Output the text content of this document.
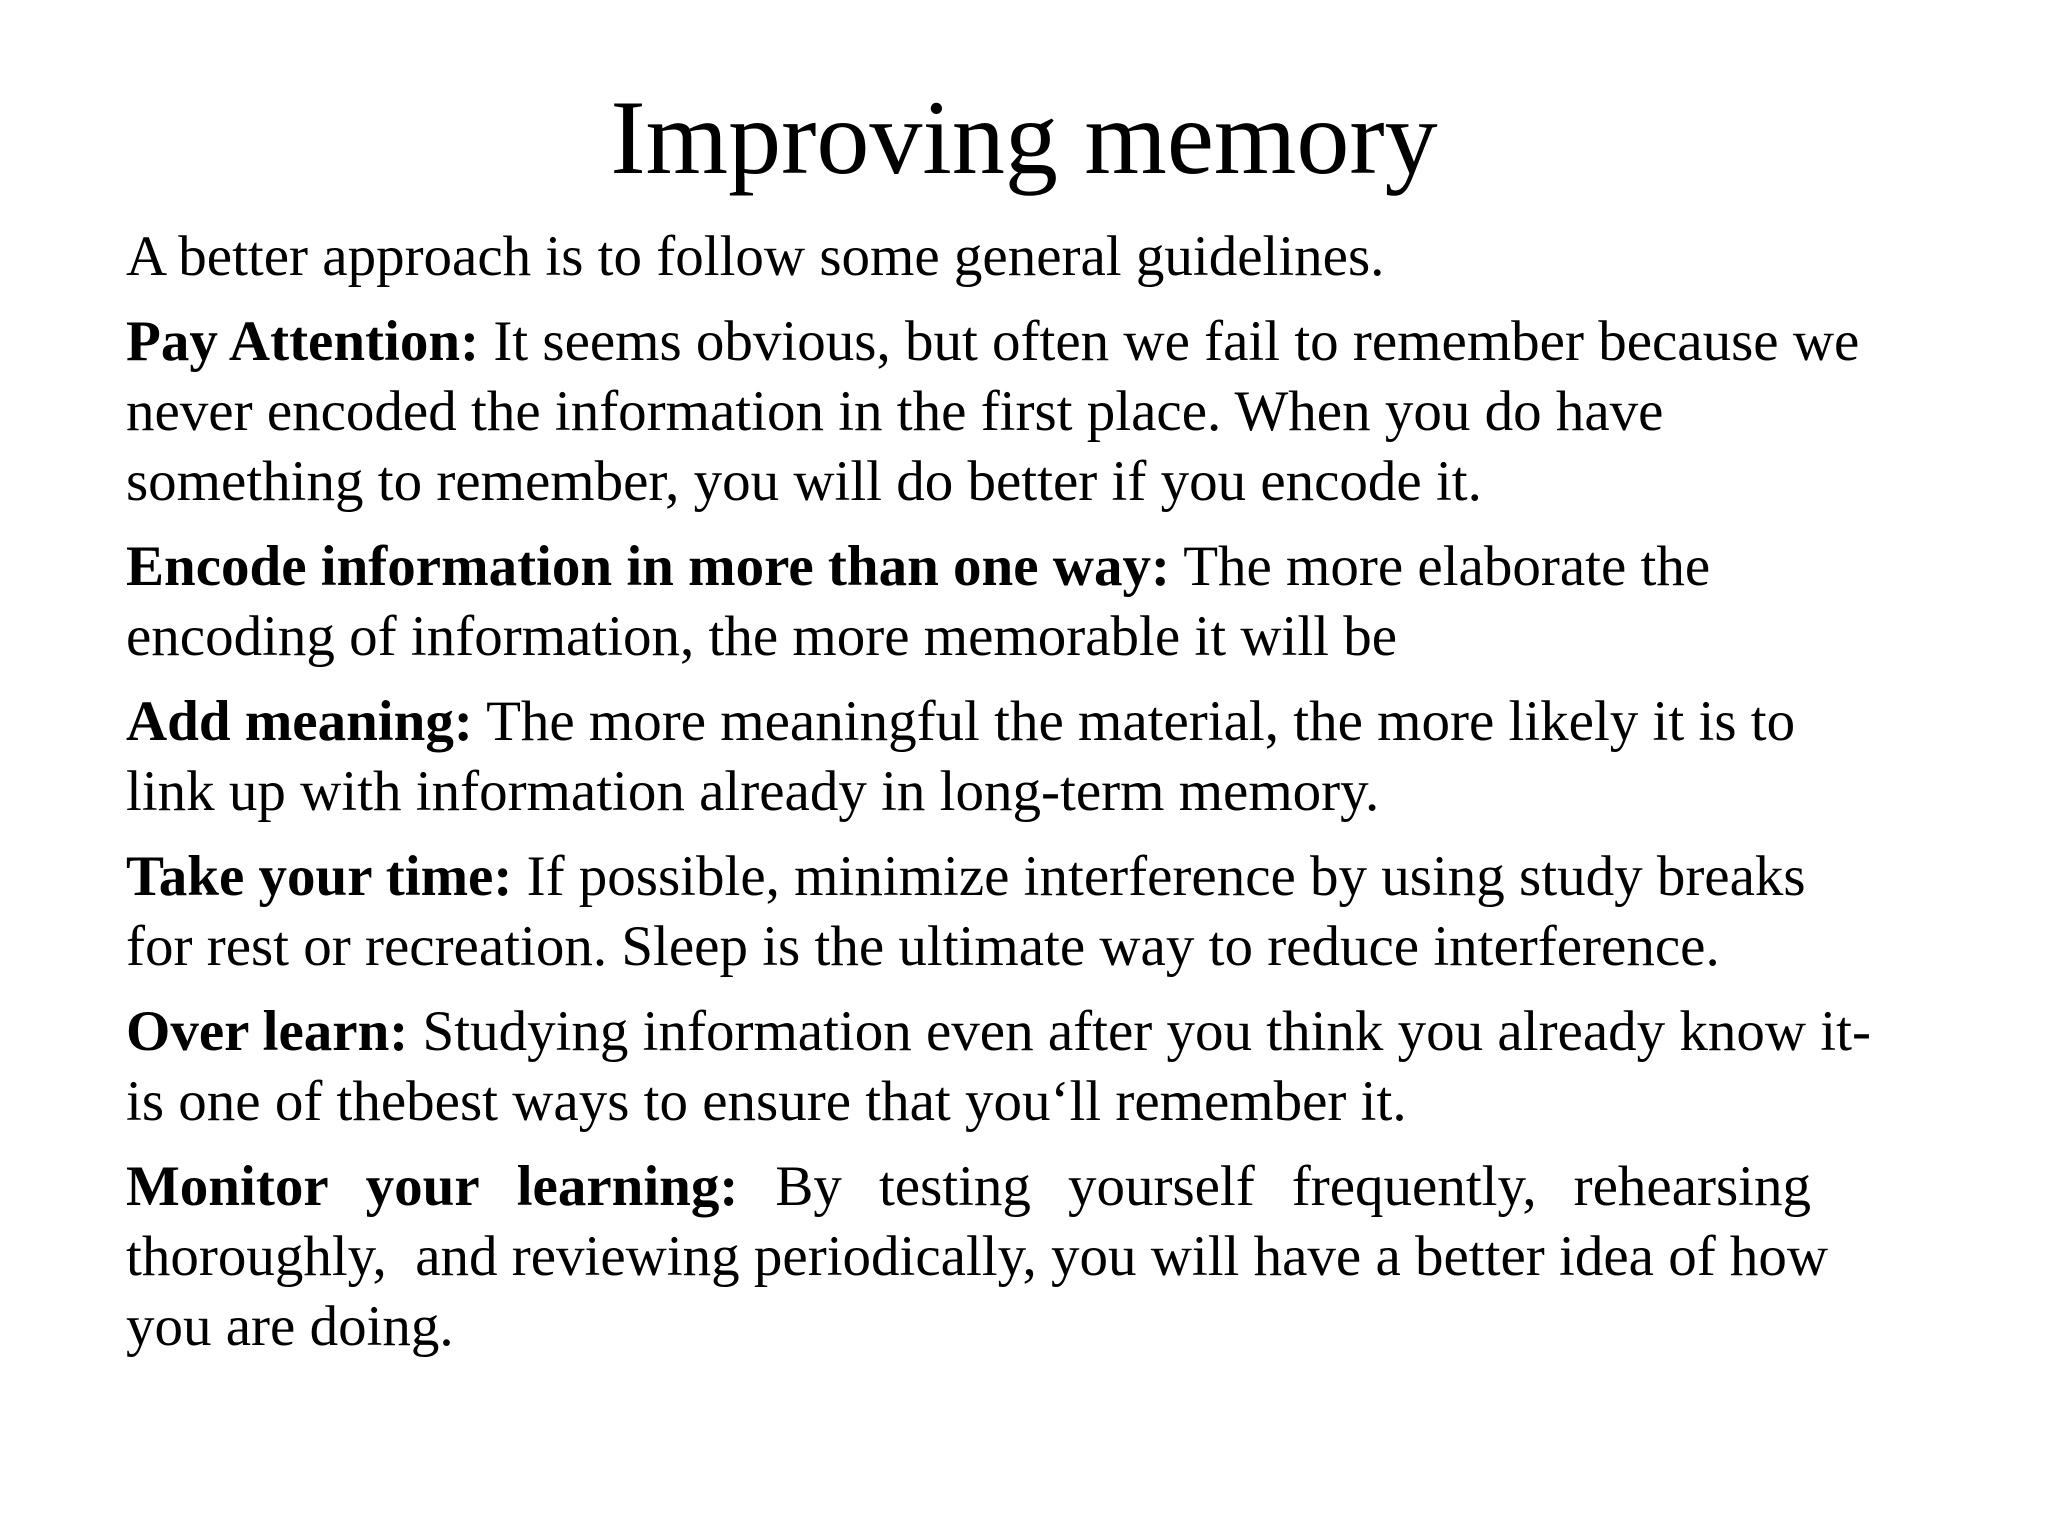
Improving memory

A better approach is to follow some general guidelines.

Pay Attention: It seems obvious, but often we fail to remember because we
never encoded the information in the first place. When you do have
something to remember, you will do better if you encode it.

Encode information in more than one way: The more elaborate the
encoding of information, the more memorable it will be

Add meaning: The more meaningful the material, the more likely it is to
link up with information already in long-term memory.

Take your time: If possible, minimize interference by using study breaks
for rest or recreation. Sleep is the ultimate way to reduce interference.

Over learn: Studying information even after you think you already know it-
is one of thebest ways to ensure that you‘ll remember it.

Monitor your learning: By testing yourself frequently, rehearsing
thoroughly,  and reviewing periodically, you will have a better idea of how
you are doing.
